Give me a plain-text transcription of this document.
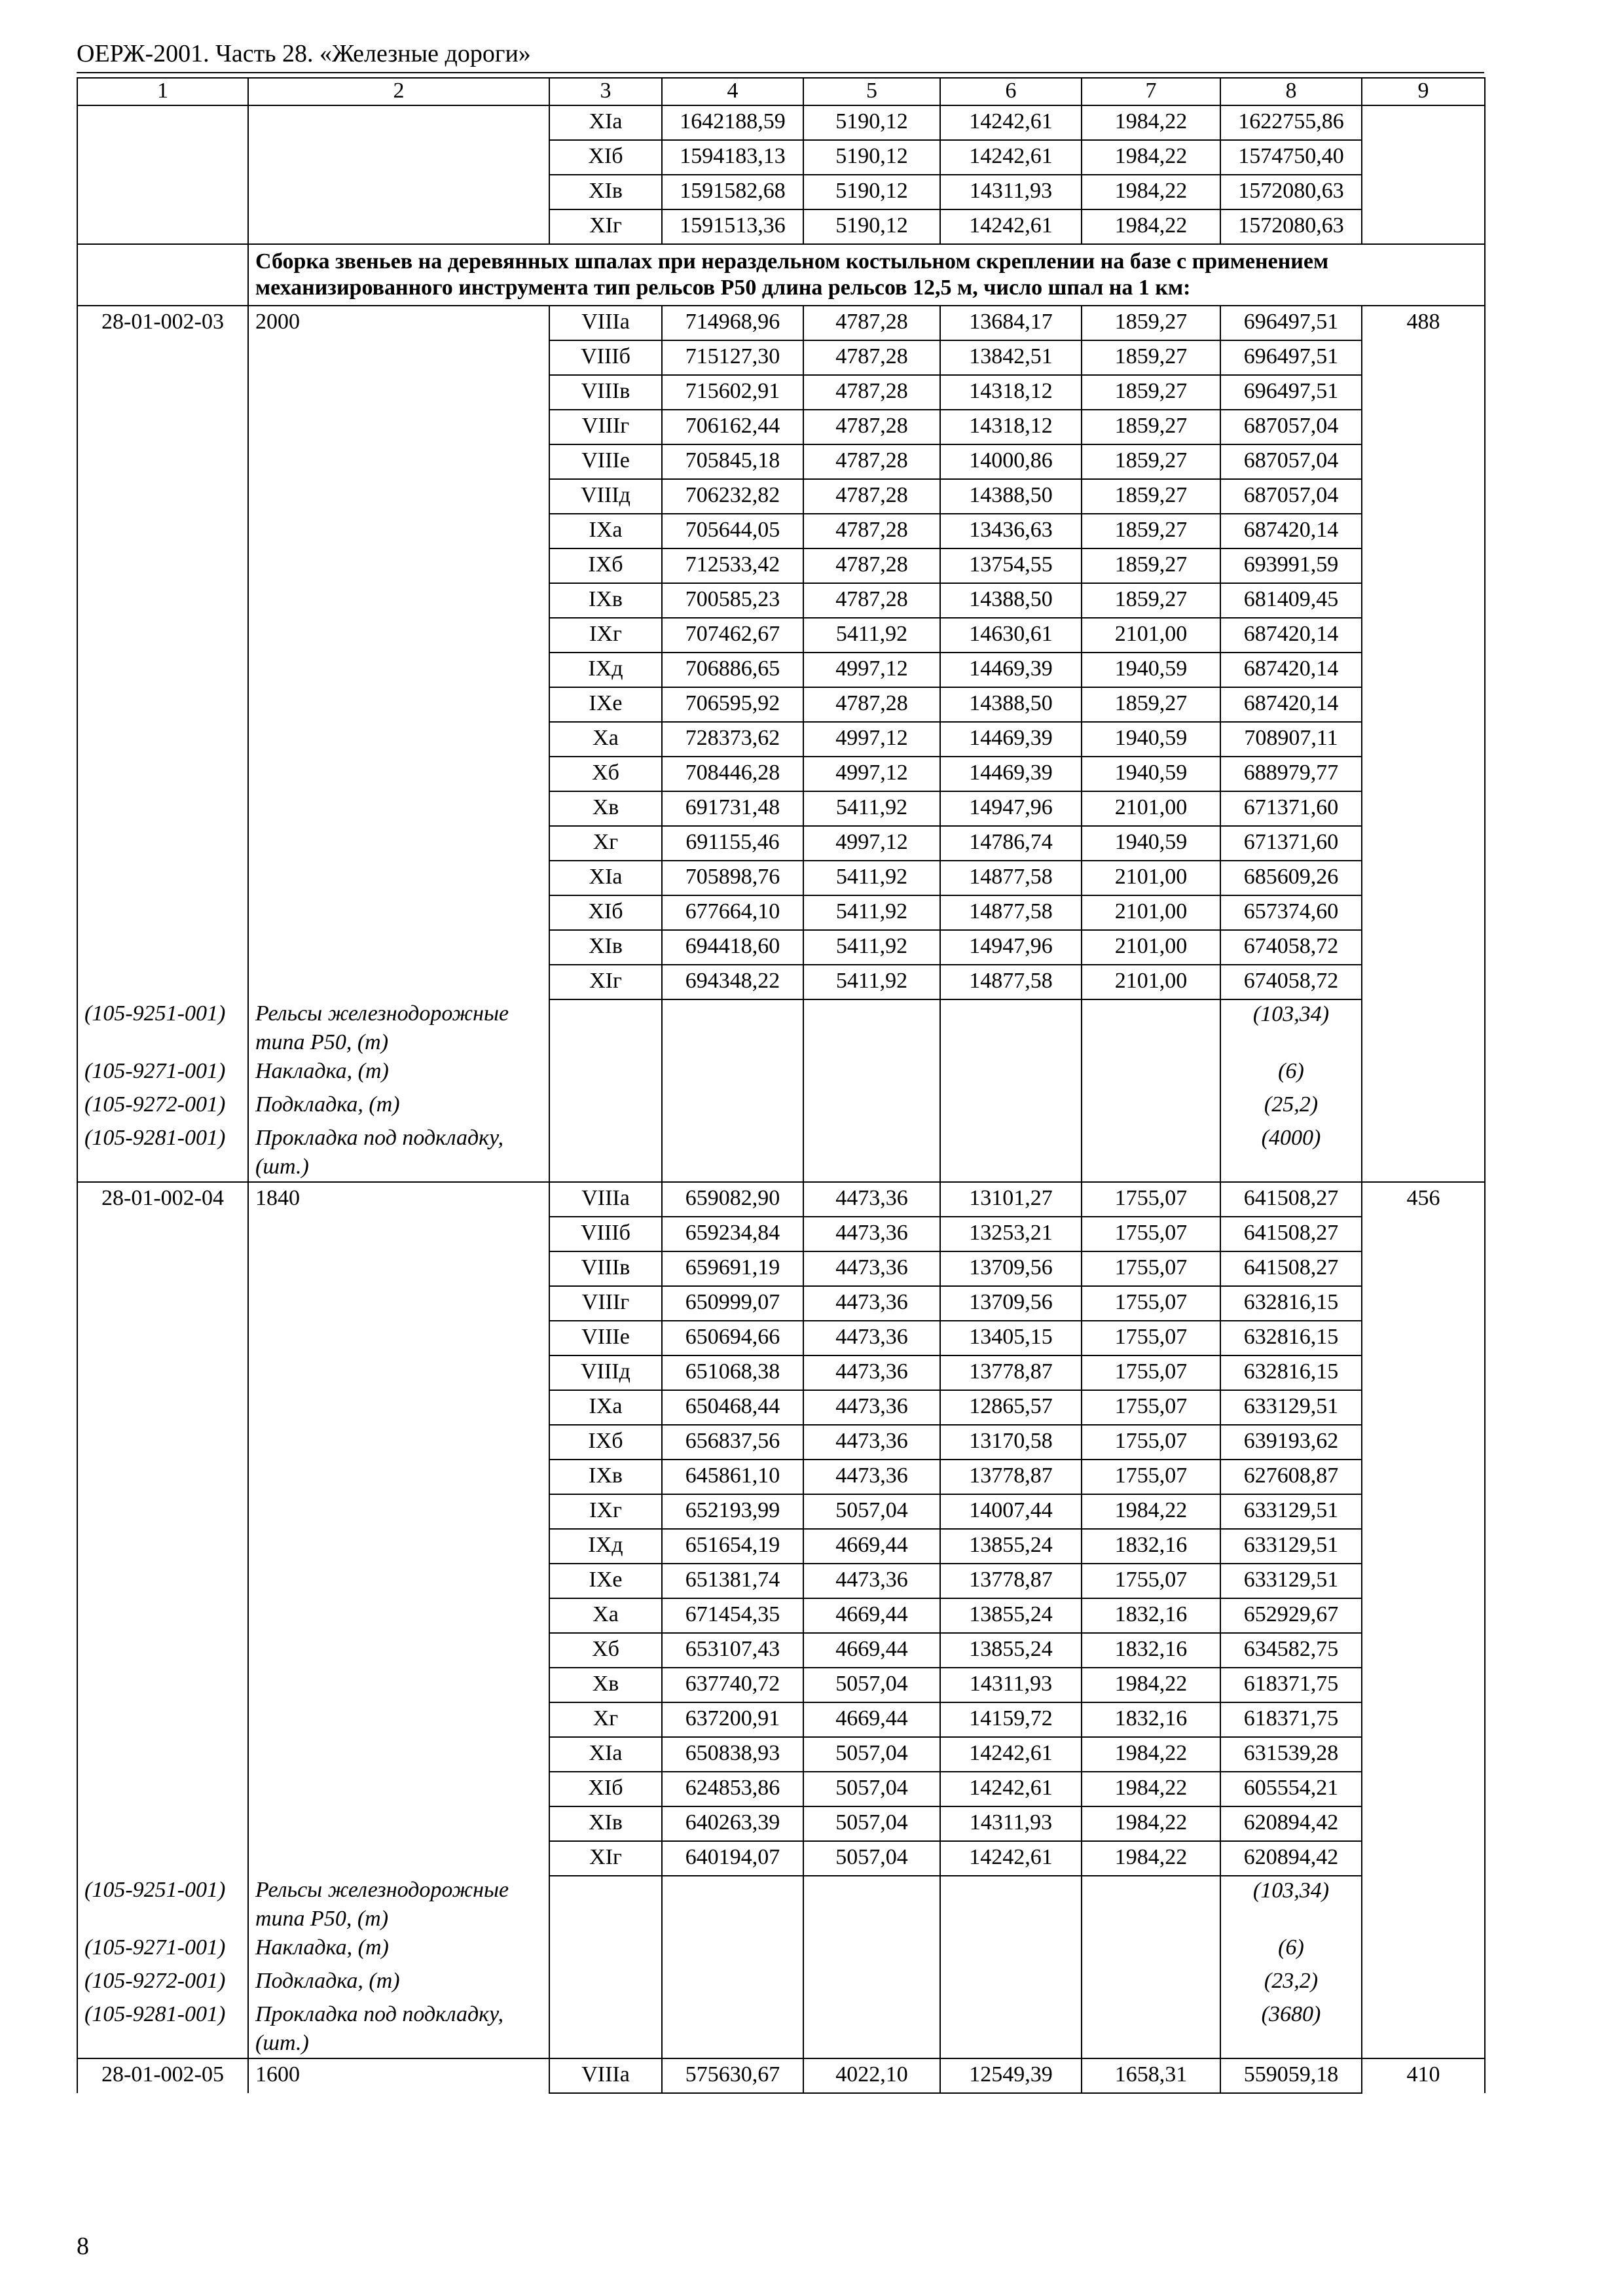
ОЕРЖ-2001. Часть 28. «Железные дороги»
1	2	3	4	5	6	7	8	9
		XIа	1642188,59	5190,12	14242,61	1984,22	1622755,86	
		XIб	1594183,13	5190,12	14242,61	1984,22	1574750,40	
		XIв	1591582,68	5190,12	14311,93	1984,22	1572080,63	
		XIг	1591513,36	5190,12	14242,61	1984,22	1572080,63	
	Сборка звеньев на деревянных шпалах при нераздельном костыльном скреплении на базе с применением механизированного инструмента тип рельсов Р50 длина рельсов 12,5 м, число шпал на 1 км:							
28-01-002-03	2000	VIIIа	714968,96	4787,28	13684,17	1859,27	696497,51	488
		VIIIб	715127,30	4787,28	13842,51	1859,27	696497,51	
		VIIIв	715602,91	4787,28	14318,12	1859,27	696497,51	
		VIIIг	706162,44	4787,28	14318,12	1859,27	687057,04	
		VIIIе	705845,18	4787,28	14000,86	1859,27	687057,04	
		VIIIд	706232,82	4787,28	14388,50	1859,27	687057,04	
		IXа	705644,05	4787,28	13436,63	1859,27	687420,14	
		IXб	712533,42	4787,28	13754,55	1859,27	693991,59	
		IXв	700585,23	4787,28	14388,50	1859,27	681409,45	
		IXг	707462,67	5411,92	14630,61	2101,00	687420,14	
		IXд	706886,65	4997,12	14469,39	1940,59	687420,14	
		IXе	706595,92	4787,28	14388,50	1859,27	687420,14	
		Xа	728373,62	4997,12	14469,39	1940,59	708907,11	
		Xб	708446,28	4997,12	14469,39	1940,59	688979,77	
		Xв	691731,48	5411,92	14947,96	2101,00	671371,60	
		Xг	691155,46	4997,12	14786,74	1940,59	671371,60	
		XIа	705898,76	5411,92	14877,58	2101,00	685609,26	
		XIб	677664,10	5411,92	14877,58	2101,00	657374,60	
		XIв	694418,60	5411,92	14947,96	2101,00	674058,72	
		XIг	694348,22	5411,92	14877,58	2101,00	674058,72	
(105-9251-001)	Рельсы железнодорожные типа Р50, (т)						(103,34)	
(105-9271-001)	Накладка, (т)						(6)	
(105-9272-001)	Подкладка, (т)						(25,2)	
(105-9281-001)	Прокладка под подкладку, (шт.)						(4000)	
28-01-002-04	1840	VIIIа	659082,90	4473,36	13101,27	1755,07	641508,27	456
		VIIIб	659234,84	4473,36	13253,21	1755,07	641508,27	
		VIIIв	659691,19	4473,36	13709,56	1755,07	641508,27	
		VIIIг	650999,07	4473,36	13709,56	1755,07	632816,15	
		VIIIе	650694,66	4473,36	13405,15	1755,07	632816,15	
		VIIIд	651068,38	4473,36	13778,87	1755,07	632816,15	
		IXа	650468,44	4473,36	12865,57	1755,07	633129,51	
		IXб	656837,56	4473,36	13170,58	1755,07	639193,62	
		IXв	645861,10	4473,36	13778,87	1755,07	627608,87	
		IXг	652193,99	5057,04	14007,44	1984,22	633129,51	
		IXд	651654,19	4669,44	13855,24	1832,16	633129,51	
		IXе	651381,74	4473,36	13778,87	1755,07	633129,51	
		Xа	671454,35	4669,44	13855,24	1832,16	652929,67	
		Xб	653107,43	4669,44	13855,24	1832,16	634582,75	
		Xв	637740,72	5057,04	14311,93	1984,22	618371,75	
		Xг	637200,91	4669,44	14159,72	1832,16	618371,75	
		XIа	650838,93	5057,04	14242,61	1984,22	631539,28	
		XIб	624853,86	5057,04	14242,61	1984,22	605554,21	
		XIв	640263,39	5057,04	14311,93	1984,22	620894,42	
		XIг	640194,07	5057,04	14242,61	1984,22	620894,42	
(105-9251-001)	Рельсы железнодорожные типа Р50, (т)						(103,34)	
(105-9271-001)	Накладка, (т)						(6)	
(105-9272-001)	Подкладка, (т)						(23,2)	
(105-9281-001)	Прокладка под подкладку, (шт.)						(3680)	
28-01-002-05	1600	VIIIа	575630,67	4022,10	12549,39	1658,31	559059,18	410
8
